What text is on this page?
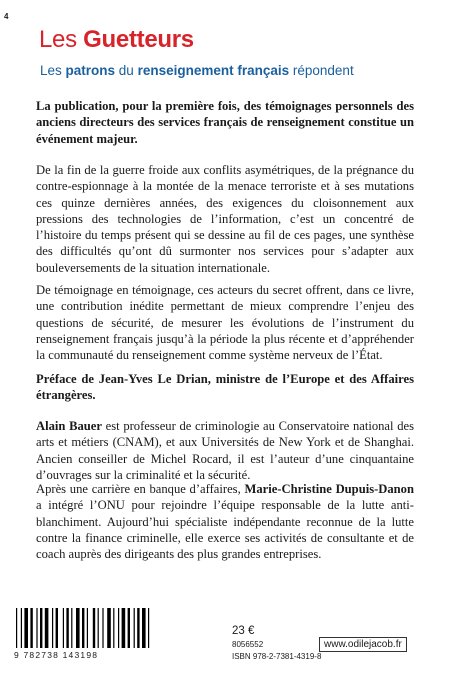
4
Les Guetteurs
Les patrons du renseignement français répondent
La publication, pour la première fois, des témoignages personnels des anciens directeurs des services français de renseignement constitue un événement majeur.
De la fin de la guerre froide aux conflits asymétriques, de la prégnance du contre-espionnage à la montée de la menace terroriste et à ses mutations ces quinze dernières années, des exigences du cloisonnement aux pressions des technologies de l’information, c’est un concentré de l’histoire du temps présent qui se dessine au fil de ces pages, une synthèse des difficultés qu’ont dû surmonter nos services pour s’adapter aux bouleversements de la situation internationale.
De témoignage en témoignage, ces acteurs du secret offrent, dans ce livre, une contribution inédite permettant de mieux comprendre l’enjeu des questions de sécurité, de mesurer les évolutions de l’instrument du renseignement français jusqu’à la période la plus récente et d’appréhender la communauté du renseignement comme système nerveux de l’État.
Préface de Jean-Yves Le Drian, ministre de l’Europe et des Affaires étrangères.
Alain Bauer est professeur de criminologie au Conservatoire national des arts et métiers (CNAM), et aux Universités de New York et de Shanghai. Ancien conseiller de Michel Rocard, il est l’auteur d’une cinquantaine d’ouvrages sur la criminalité et la sécurité.
Après une carrière en banque d’affaires, Marie-Christine Dupuis-Danon a intégré l’ONU pour rejoindre l’équipe responsable de la lutte anti-blanchiment. Aujourd’hui spécialiste indépendante reconnue de la lutte contre la finance criminelle, elle exerce ses activités de consultante et de coach auprès des dirigeants des plus grandes entreprises.
9 782738 143198
23 €
8056552
ISBN 978-2-7381-4319-8
www.odilejacob.fr
